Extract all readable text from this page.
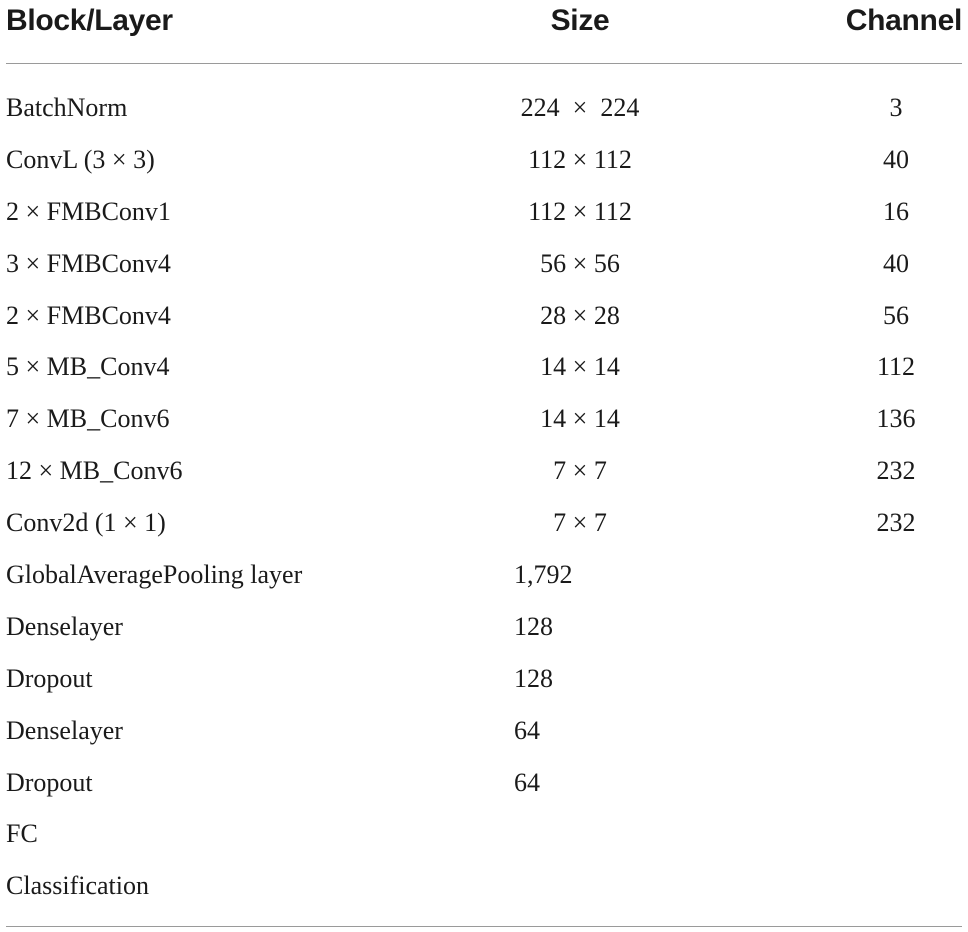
Block/Layer	Size	Channel
BatchNorm	224  ×  224	3
ConvL (3 × 3)	112 × 112	40
2 × FMBConv1	112 × 112	16
3 × FMBConv4	56 × 56	40
2 × FMBConv4	28 × 28	56
5 × MB_Conv4	14 × 14	112
7 × MB_Conv6	14 × 14	136
12 × MB_Conv6	7 × 7	232
Conv2d (1 × 1)	7 × 7	232
GlobalAveragePooling layer	1,792
Denselayer	128
Dropout	128
Denselayer	64
Dropout	64
FC
Classification
